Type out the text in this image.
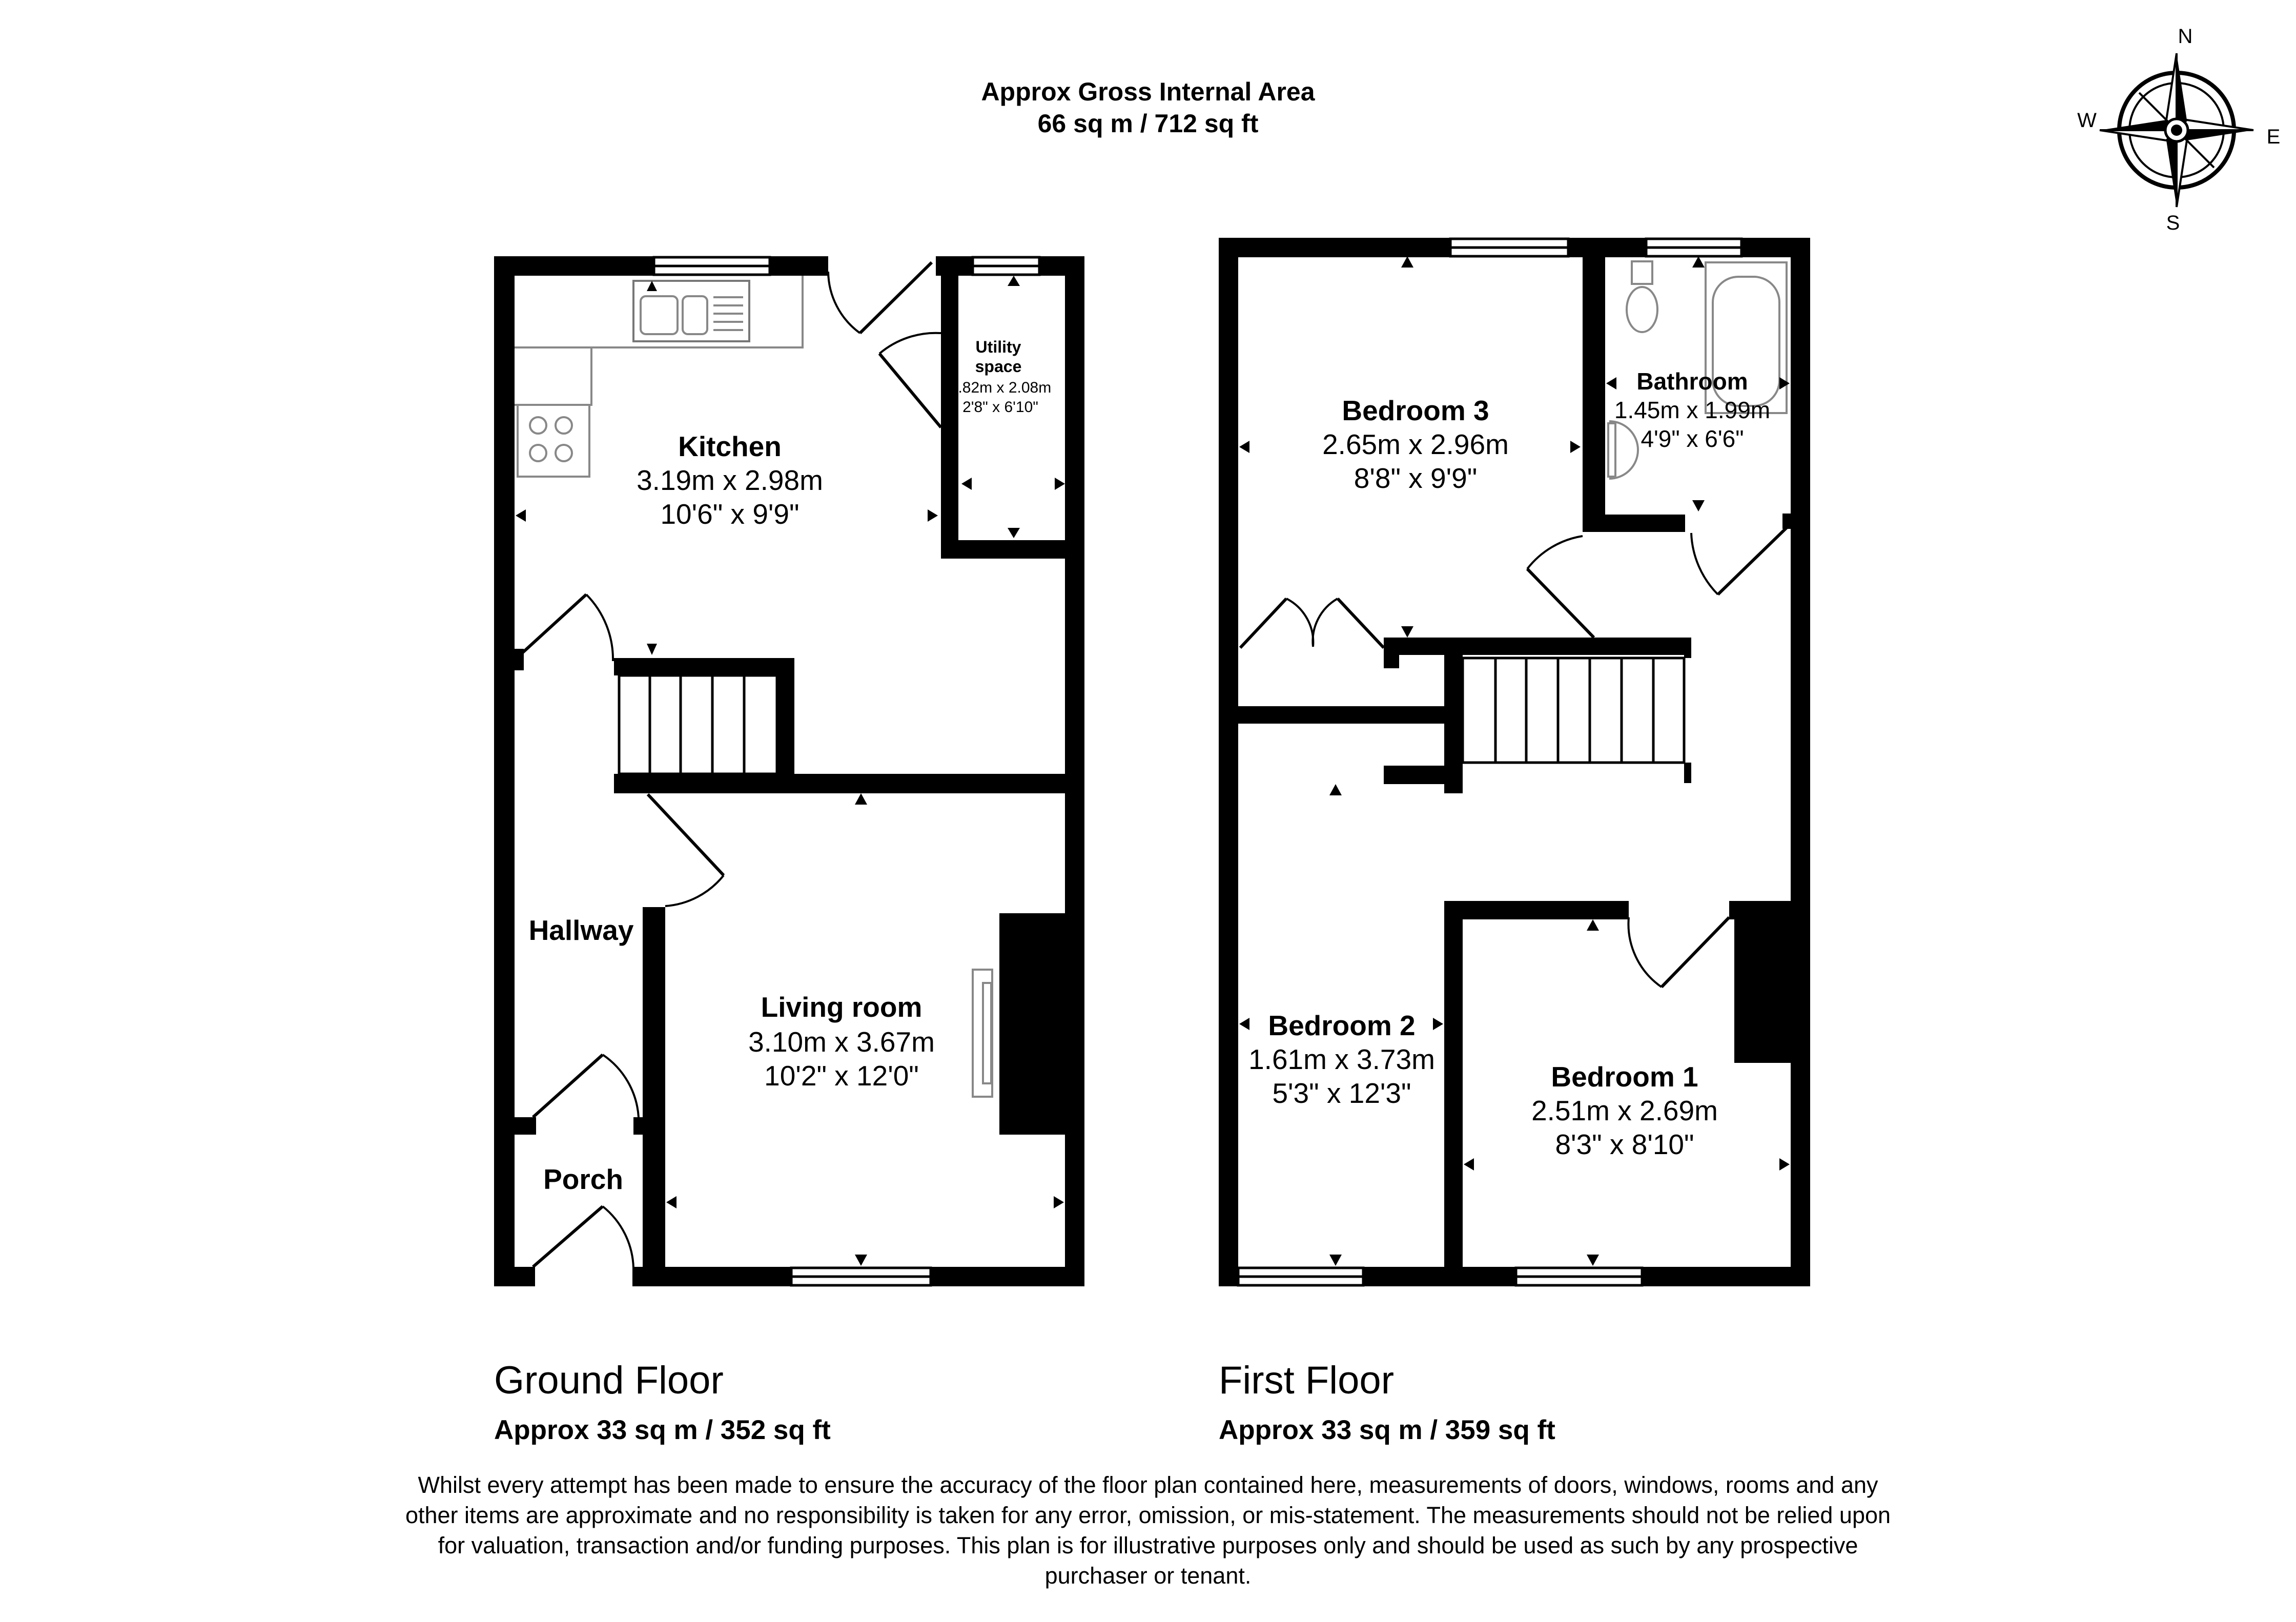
Approx Gross Internal Area
66 sq m / 712 sq ft
N
S
E
W
Kitchen
3.19m x 2.98m
10'6" x 9'9"
Utility
space
0.82m x 2.08m
2'8" x 6'10"
Hallway
Living room
3.10m x 3.67m
10'2" x 12'0"
Porch
Bedroom 3
2.65m x 2.96m
8'8" x 9'9"
Bathroom
1.45m x 1.99m
4'9" x 6'6"
Bedroom 2
1.61m x 3.73m
5'3" x 12'3"
Bedroom 1
2.51m x 2.69m
8'3" x 8'10"
Ground Floor
Approx 33 sq m / 352 sq ft
First Floor
Approx 33 sq m / 359 sq ft
Whilst every attempt has been made to ensure the accuracy of the floor plan contained here, measurements of doors, windows, rooms and any other items are approximate and no responsibility is taken for any error, omission, or mis-statement. The measurements should not be relied upon for valuation, transaction and/or funding purposes. This plan is for illustrative purposes only and should be used as such by any prospective purchaser or tenant.
